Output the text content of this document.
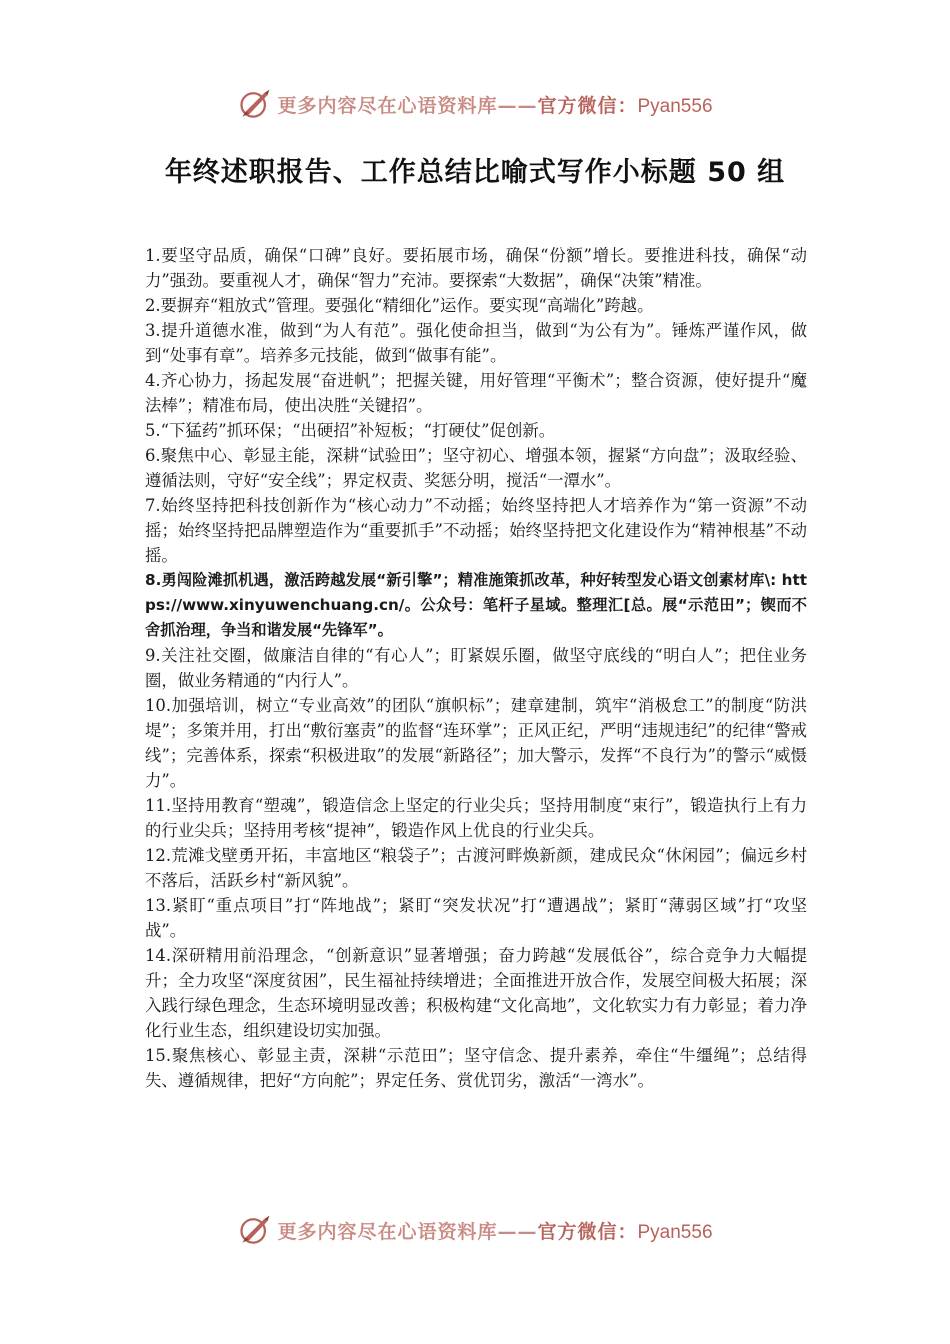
更多内容尽在心语资料库——官方微信：Pyan556
年终述职报告、工作总结比喻式写作小标题 50 组

1.要坚守品质，确保“口碑”良好。要拓展市场，确保“份额”增长。要推进科技，确保“动力”强劲。要重视人才，确保“智力”充沛。要探索“大数据”，确保“决策”精准。

2.要摒弃“粗放式”管理。要强化“精细化”运作。要实现“高端化”跨越。

3.提升道德水准，做到“为人有范”。强化使命担当，做到“为公有为”。锤炼严谨作风，做到“处事有章”。培养多元技能，做到“做事有能”。

4.齐心协力，扬起发展“奋进帆”；把握关键，用好管理“平衡术”；整合资源，使好提升“魔法棒”；精准布局，使出决胜“关键招”。

5.“下猛药”抓环保；“出硬招”补短板；“打硬仗”促创新。

6.聚焦中心、彰显主能，深耕“试验田”；坚守初心、增强本领，握紧“方向盘”；汲取经验、遵循法则，守好“安全线”；界定权责、奖惩分明，搅活“一潭水”。

7.始终坚持把科技创新作为“核心动力”不动摇；始终坚持把人才培养作为“第一资源”不动摇；始终坚持把品牌塑造作为“重要抓手”不动摇；始终坚持把文化建设作为“精神根基”不动摇。

8.勇闯险滩抓机遇，激活跨越发展“新引擎”；精准施策抓改革，种好转型发心语文创素材库\: https://www.xinyuwenchuang.cn/。公众号：笔杆子星域。整理汇[总。展“示范田”；锲而不舍抓治理，争当和谐发展“先锋军”。

9.关注社交圈，做廉洁自律的“有心人”；盯紧娱乐圈，做坚守底线的“明白人”；把住业务圈，做业务精通的“内行人”。

10.加强培训，树立“专业高效”的团队“旗帜标”；建章建制，筑牢“消极怠工”的制度“防洪堤”；多策并用，打出“敷衍塞责”的监督“连环掌”；正风正纪，严明“违规违纪”的纪律“警戒线”；完善体系，探索“积极进取”的发展“新路径”；加大警示，发挥“不良行为”的警示“威慑力”。

11.坚持用教育“塑魂”，锻造信念上坚定的行业尖兵；坚持用制度“束行”，锻造执行上有力的行业尖兵；坚持用考核“提神”，锻造作风上优良的行业尖兵。

12.荒滩戈壁勇开拓，丰富地区“粮袋子”；古渡河畔焕新颜，建成民众“休闲园”；偏远乡村不落后，活跃乡村“新风貌”。

13.紧盯“重点项目”打“阵地战”；紧盯“突发状况”打“遭遇战”；紧盯“薄弱区域”打“攻坚战”。

14.深研精用前沿理念，“创新意识”显著增强；奋力跨越“发展低谷”，综合竞争力大幅提升；全力攻坚“深度贫困”，民生福祉持续增进；全面推进开放合作，发展空间极大拓展；深入践行绿色理念，生态环境明显改善；积极构建“文化高地”，文化软实力有力彰显；着力净化行业生态，组织建设切实加强。

15.聚焦核心、彰显主责，深耕“示范田”；坚守信念、提升素养，牵住“牛缰绳”；总结得失、遵循规律，把好“方向舵”；界定任务、赏优罚劣，激活“一湾水”。

更多内容尽在心语资料库——官方微信：Pyan556
